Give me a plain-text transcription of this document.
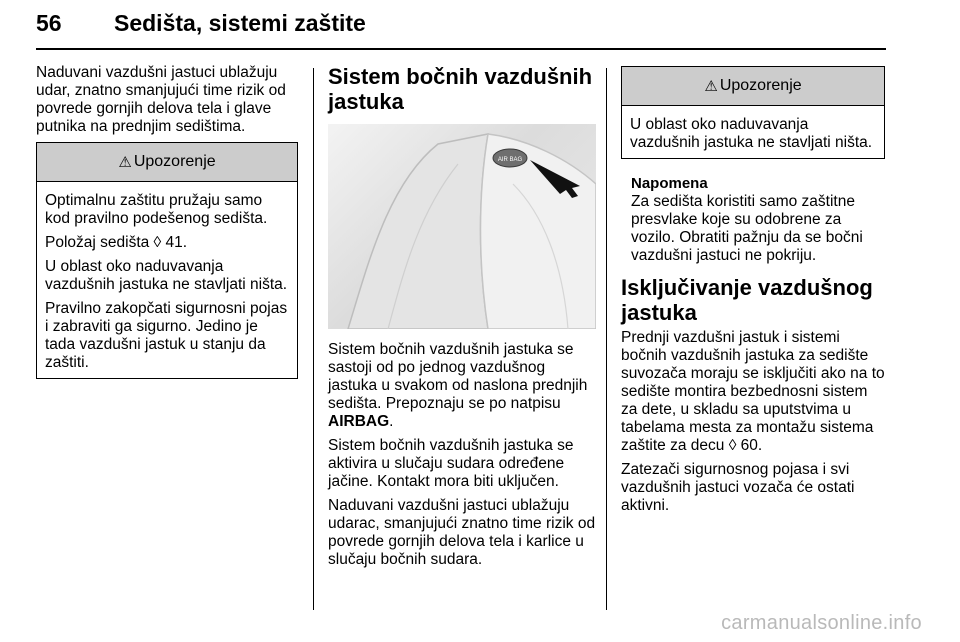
56 Sedišta, sistemi zaštite

Naduvani vazdušni jastuci ublažuju udar, znatno smanjujući time rizik od povrede gornjih delova tela i glave putnika na prednjim sedištima.

⚠ Upozorenje

Optimalnu zaštitu pružaju samo kod pravilno podešenog sedišta.

Položaj sedišta ◊ 41.

U oblast oko naduvavanja vazdušnih jastuka ne stavljati ništa.

Pravilno zakopčati sigurnosni pojas i zabraviti ga sigurno. Jedino je tada vazdušni jastuk u stanju da zaštiti.

Sistem bočnih vazdušnih jastuka
AIR BAG

Sistem bočnih vazdušnih jastuka se sastoji od po jednog vazdušnog jastuka u svakom od naslona prednjih sedišta. Prepoznaju se po natpisu AIRBAG.

Sistem bočnih vazdušnih jastuka se aktivira u slučaju sudara određene jačine. Kontakt mora biti uključen.

Naduvani vazdušni jastuci ublažuju udarac, smanjujući znatno time rizik od povrede gornjih delova tela i karlice u slučaju bočnih sudara.

⚠ Upozorenje

U oblast oko naduvavanja vazdušnih jastuka ne stavljati ništa.

Napomena

Za sedišta koristiti samo zaštitne presvlake koje su odobrene za vozilo. Obratiti pažnju da se bočni vazdušni jastuci ne pokriju.

Isključivanje vazdušnog jastuka

Prednji vazdušni jastuk i sistemi bočnih vazdušnih jastuka za sedište suvozača moraju se isključiti ako na to sedište montira bezbednosni sistem za dete, u skladu sa uputstvima u tabelama mesta za montažu sistema zaštite za decu ◊ 60.

Zatezači sigurnosnog pojasa i svi vazdušnih jastuci vozača će ostati aktivni.

carmanualsonline.info
